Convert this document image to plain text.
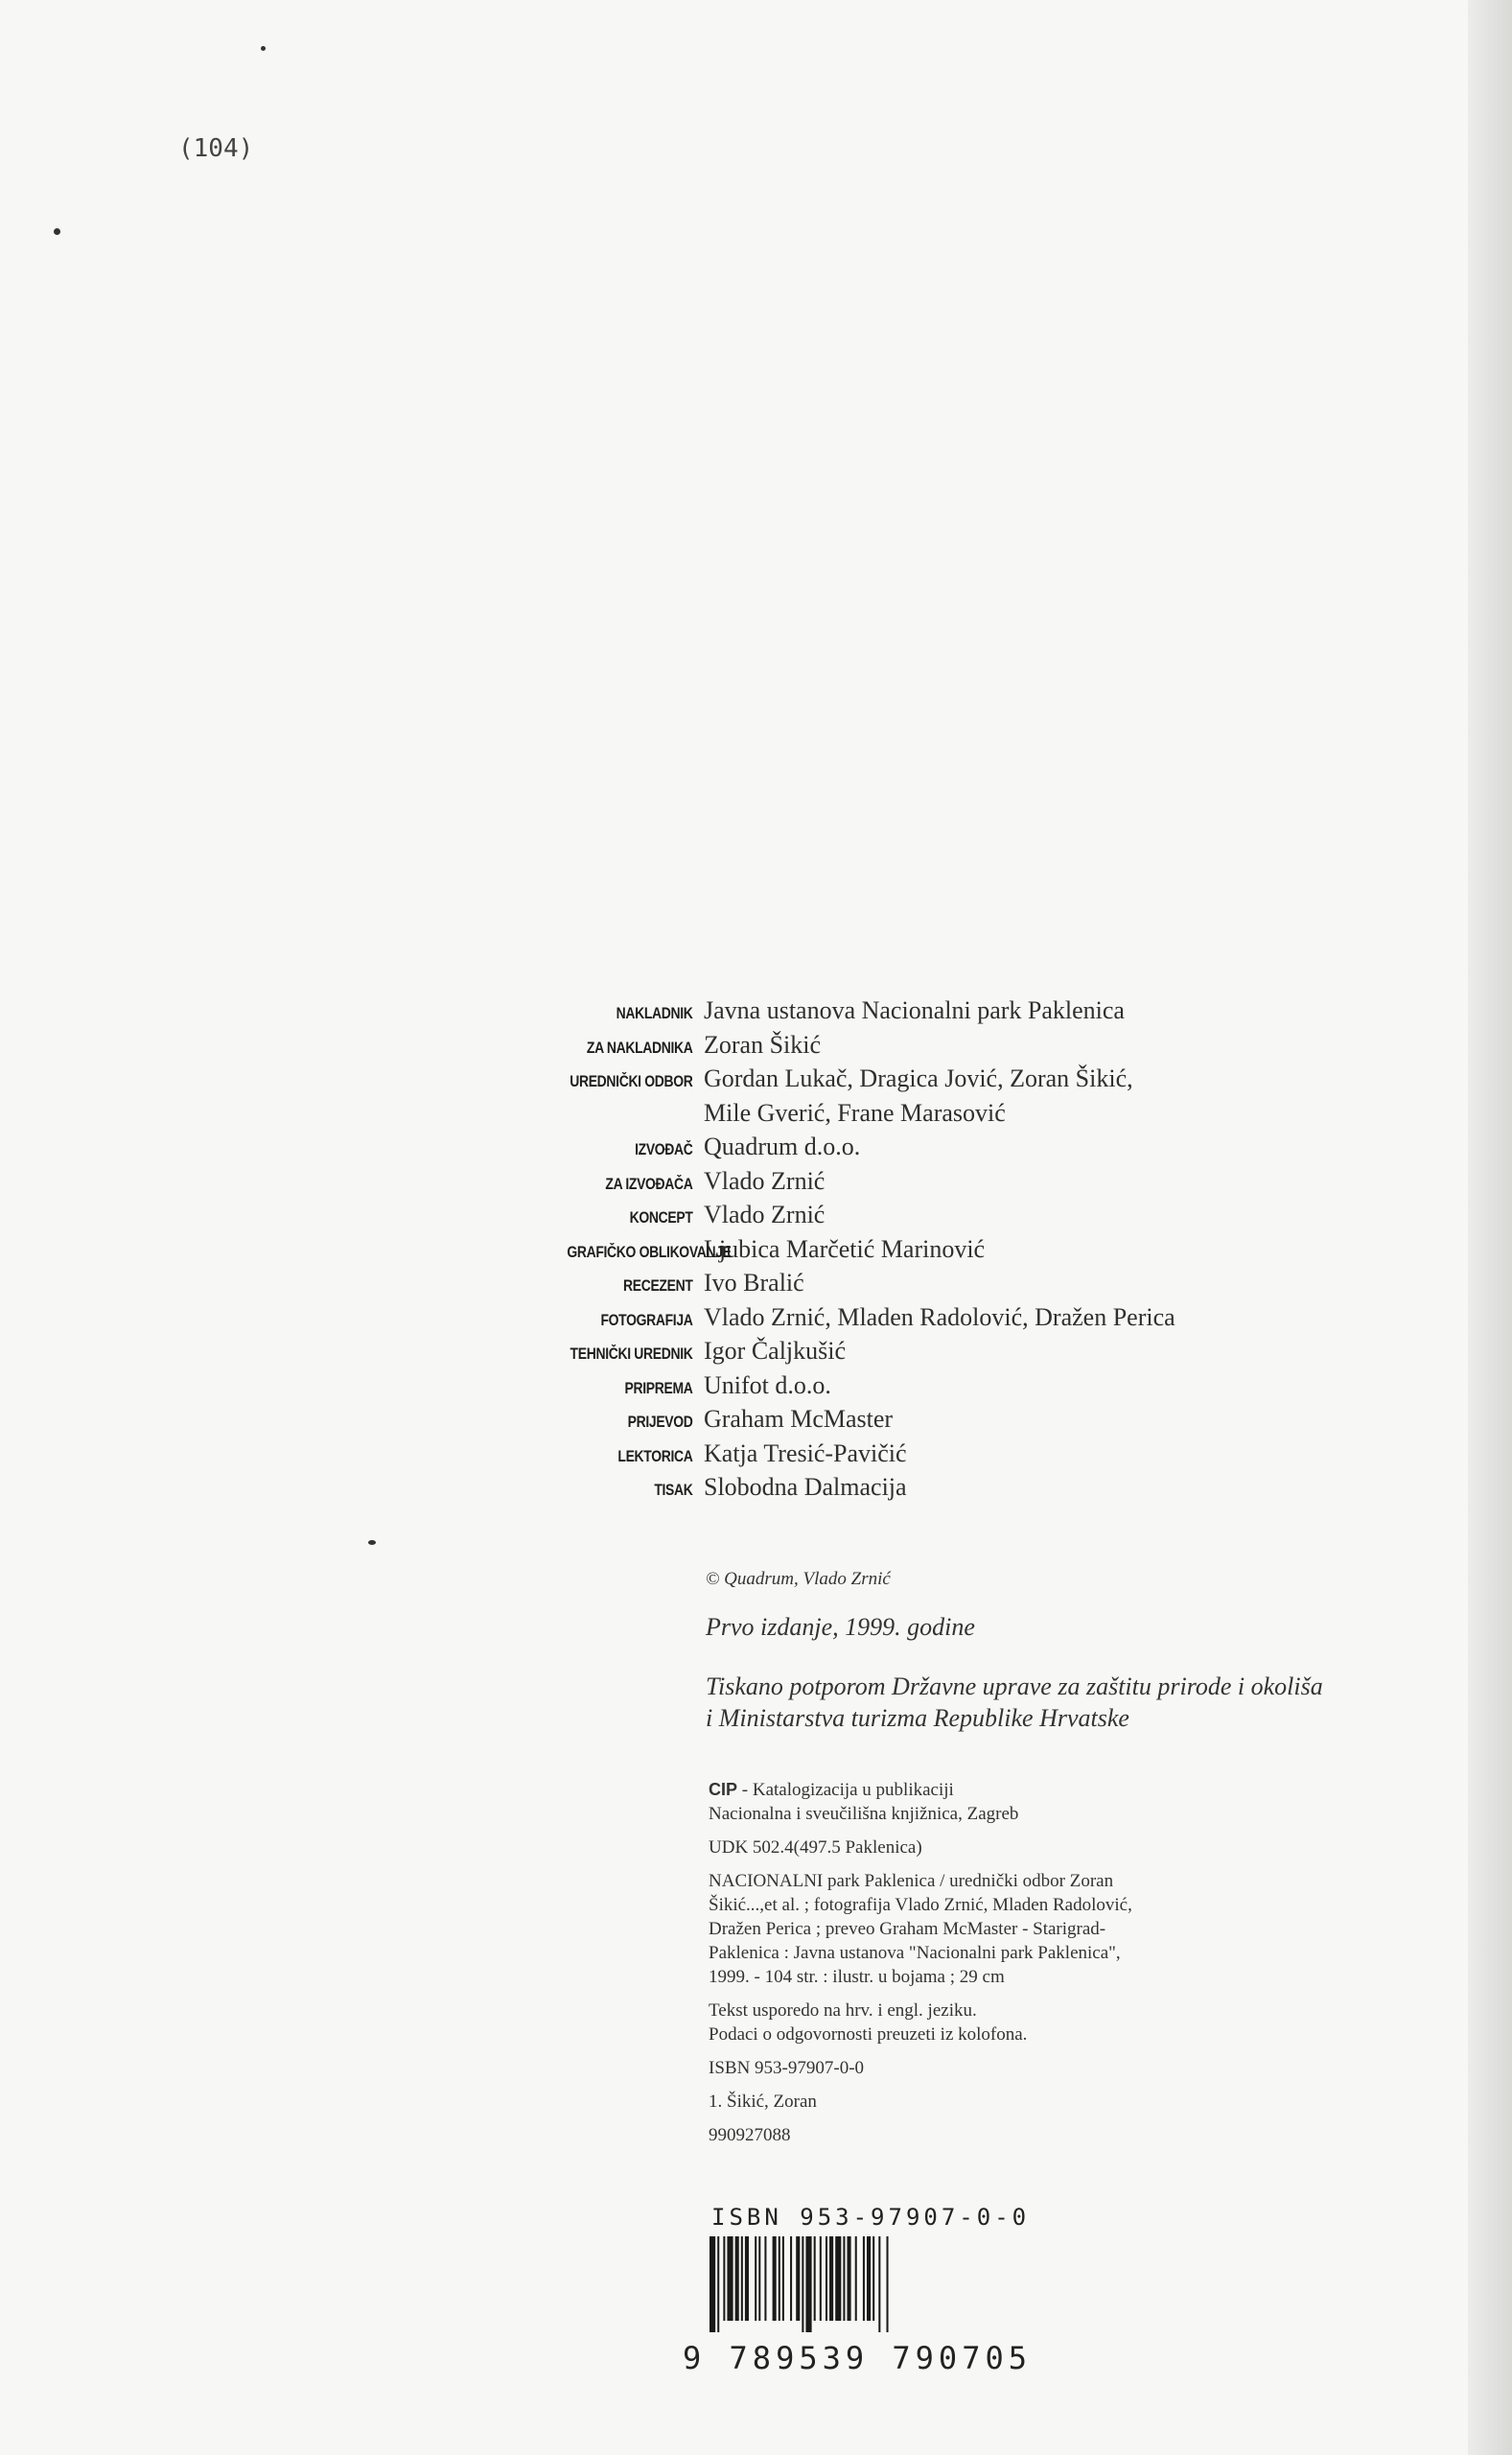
(104)
NAKLADNIK Javna ustanova Nacionalni park Paklenica
ZA NAKLADNIKA Zoran Šikić
UREDNIČKI ODBOR Gordan Lukač, Dragica Jović, Zoran Šikić,
Mile Gverić, Frane Marasović
IZVOĐAČ Quadrum d.o.o.
ZA IZVOĐAČA Vlado Zrnić
KONCEPT Vlado Zrnić
GRAFIČKO OBLIKOVANJE
Ljubica Marčetić Marinović
RECEZENT Ivo Bralić
FOTOGRAFIJA Vlado Zrnić, Mladen Radolović, Dražen Perica
TEHNIČKI UREDNIK Igor Čaljkušić
PRIPREMA Unifot d.o.o.
PRIJEVOD Graham McMaster
LEKTORICA Katja Tresić-Pavičić
TISAK Slobodna Dalmacija
© Quadrum, Vlado Zrnić
Prvo izdanje, 1999. godine
Tiskano potporom Državne uprave za zaštitu prirode i okoliša
i Ministarstva turizma Republike Hrvatske
CIP - Katalogizacija u publikaciji
Nacionalna i sveučilišna knjižnica, Zagreb
UDK 502.4(497.5 Paklenica)
NACIONALNI park Paklenica / urednički odbor Zoran
Šikić...,et al. ; fotografija Vlado Zrnić, Mladen Radolović,
Dražen Perica ; preveo Graham McMaster - Starigrad-
Paklenica : Javna ustanova "Nacionalni park Paklenica",
1999. - 104 str. : ilustr. u bojama ; 29 cm
Tekst usporedo na hrv. i engl. jeziku.
Podaci o odgovornosti preuzeti iz kolofona.
ISBN 953-97907-0-0
1. Šikić, Zoran
990927088
ISBN 953-97907-0-0
9 789539 790705
